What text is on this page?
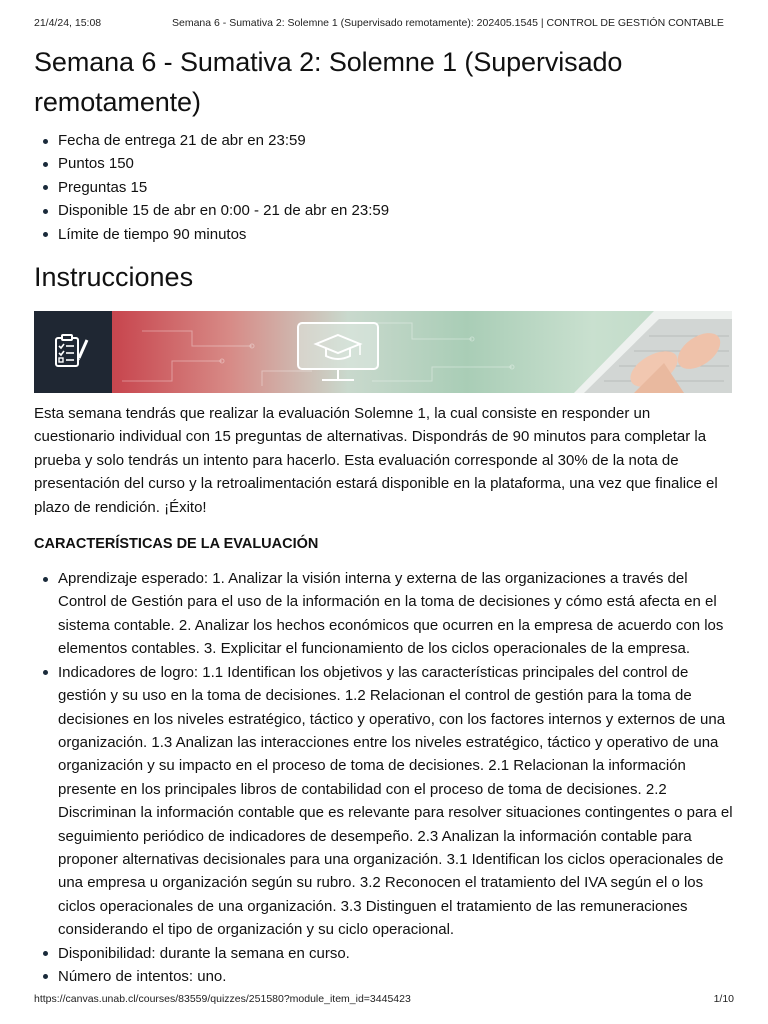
21/4/24, 15:08	Semana 6 - Sumativa 2: Solemne 1 (Supervisado remotamente): 202405.1545 | CONTROL DE GESTIÓN CONTABLE
Semana 6 - Sumativa 2: Solemne 1 (Supervisado remotamente)
Fecha de entrega 21 de abr en 23:59
Puntos 150
Preguntas 15
Disponible 15 de abr en 0:00 - 21 de abr en 23:59
Límite de tiempo 90 minutos
Instrucciones

Esta semana tendrás que realizar la evaluación Solemne 1, la cual consiste en responder un cuestionario individual con 15 preguntas de alternativas. Dispondrás de 90 minutos para completar la prueba y solo tendrás un intento para hacerlo. Esta evaluación corresponde al 30% de la nota de presentación del curso y la retroalimentación estará disponible en la plataforma, una vez que finalice el plazo de rendición. ¡Éxito!

CARACTERÍSTICAS DE LA EVALUACIÓN
Aprendizaje esperado: 1. Analizar la visión interna y externa de las organizaciones a través del Control de Gestión para el uso de la información en la toma de decisiones y cómo está afecta en el sistema contable. 2. Analizar los hechos económicos que ocurren en la empresa de acuerdo con los elementos contables. 3. Explicitar el funcionamiento de los ciclos operacionales de la empresa.
Indicadores de logro: 1.1 Identifican los objetivos y las características principales del control de gestión y su uso en la toma de decisiones. 1.2 Relacionan el control de gestión para la toma de decisiones en los niveles estratégico, táctico y operativo, con los factores internos y externos de una organización. 1.3 Analizan las interacciones entre los niveles estratégico, táctico y operativo de una organización y su impacto en el proceso de toma de decisiones. 2.1 Relacionan la información presente en los principales libros de contabilidad con el proceso de toma de decisiones. 2.2 Discriminan la información contable que es relevante para resolver situaciones contingentes o para el seguimiento periódico de indicadores de desempeño. 2.3 Analizan la información contable para proponer alternativas decisionales para una organización. 3.1 Identifican los ciclos operacionales de una empresa u organización según su rubro. 3.2 Reconocen el tratamiento del IVA según el o los ciclos operacionales de una organización. 3.3 Distinguen el tratamiento de las remuneraciones considerando el tipo de organización y su ciclo operacional.
Disponibilidad: durante la semana en curso.
Número de intentos: uno.
https://canvas.unab.cl/courses/83559/quizzes/251580?module_item_id=3445423	1/10
